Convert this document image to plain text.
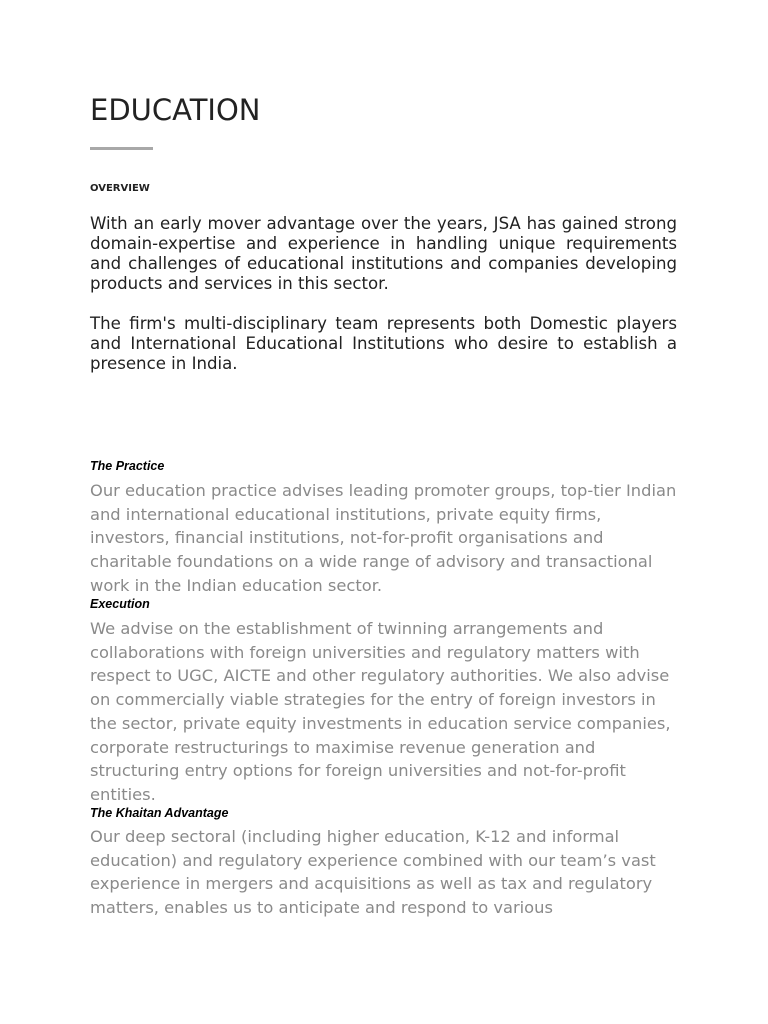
EDUCATION
OVERVIEW

With an early mover advantage over the years, JSA has gained strong domain-expertise and experience in handling unique requirements and challenges of educational institutions and companies developing products and services in this sector.

The firm's multi-disciplinary team represents both Domestic players and International Educational Institutions who desire to establish a presence in India.

The Practice

Our education practice advises leading promoter groups, top-tier Indian and international educational institutions, private equity firms, investors, financial institutions, not-for-profit organisations and charitable foundations on a wide range of advisory and transactional work in the Indian education sector.

Execution

We advise on the establishment of twinning arrangements and collaborations with foreign universities and regulatory matters with respect to UGC, AICTE and other regulatory authorities. We also advise on commercially viable strategies for the entry of foreign investors in the sector, private equity investments in education service companies, corporate restructurings to maximise revenue generation and structuring entry options for foreign universities and not-for-profit entities.

The Khaitan Advantage

Our deep sectoral (including higher education, K-12 and informal education) and regulatory experience combined with our team’s vast experience in mergers and acquisitions as well as tax and regulatory matters, enables us to anticipate and respond to various
